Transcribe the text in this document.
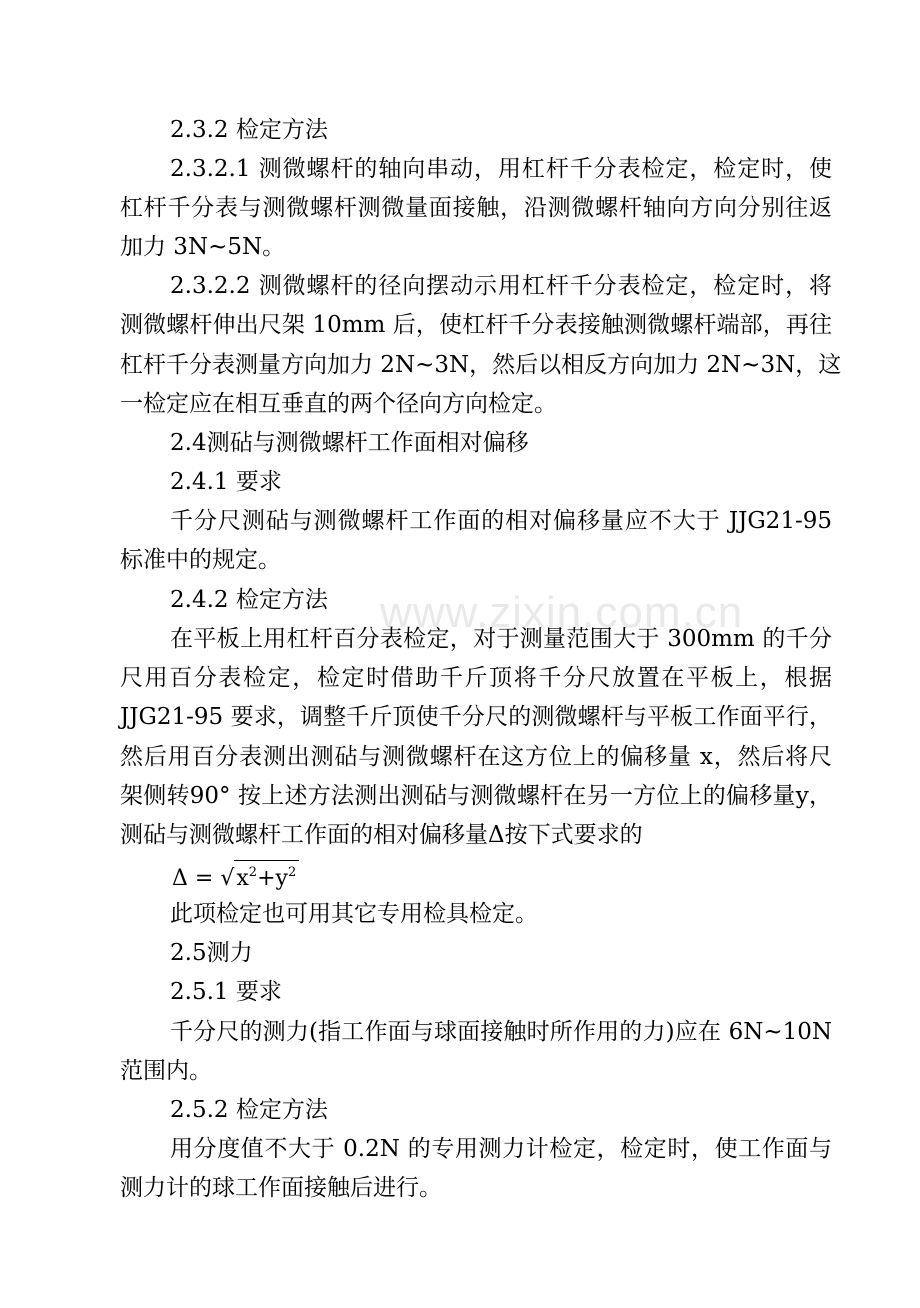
www.zixin.com.cn
2.3.2 检定方法
2.3.2.1 测微螺杆的轴向串动，用杠杆千分表检定，检定时，使
杠杆千分表与测微螺杆测微量面接触，沿测微螺杆轴向方向分别往返
加力 3N~5N。
2.3.2.2 测微螺杆的径向摆动示用杠杆千分表检定，检定时，将
测微螺杆伸出尺架 10mm 后，使杠杆千分表接触测微螺杆端部，再往
杠杆千分表测量方向加力 2N~3N，然后以相反方向加力 2N~3N，这
一检定应在相互垂直的两个径向方向检定。
2.4测砧与测微螺杆工作面相对偏移
2.4.1 要求
千分尺测砧与测微螺杆工作面的相对偏移量应不大于 JJG21-95
标准中的规定。
2.4.2 检定方法
在平板上用杠杆百分表检定，对于测量范围大于 300mm 的千分
尺用百分表检定，检定时借助千斤顶将千分尺放置在平板上，根据
JJG21-95 要求，调整千斤顶使千分尺的测微螺杆与平板工作面平行，
然后用百分表测出测砧与测微螺杆在这方位上的偏移量 x，然后将尺
架侧转90° 按上述方法测出测砧与测微螺杆在另一方位上的偏移量y，
测砧与测微螺杆工作面的相对偏移量Δ按下式要求的
$\Delta = √x^2+y^2$
此项检定也可用其它专用检具检定。
2.5测力
2.5.1 要求
千分尺的测力(指工作面与球面接触时所作用的力)应在 6N~10N
范围内。
2.5.2 检定方法
用分度值不大于 0.2N 的专用测力计检定，检定时，使工作面与
测力计的球工作面接触后进行。
